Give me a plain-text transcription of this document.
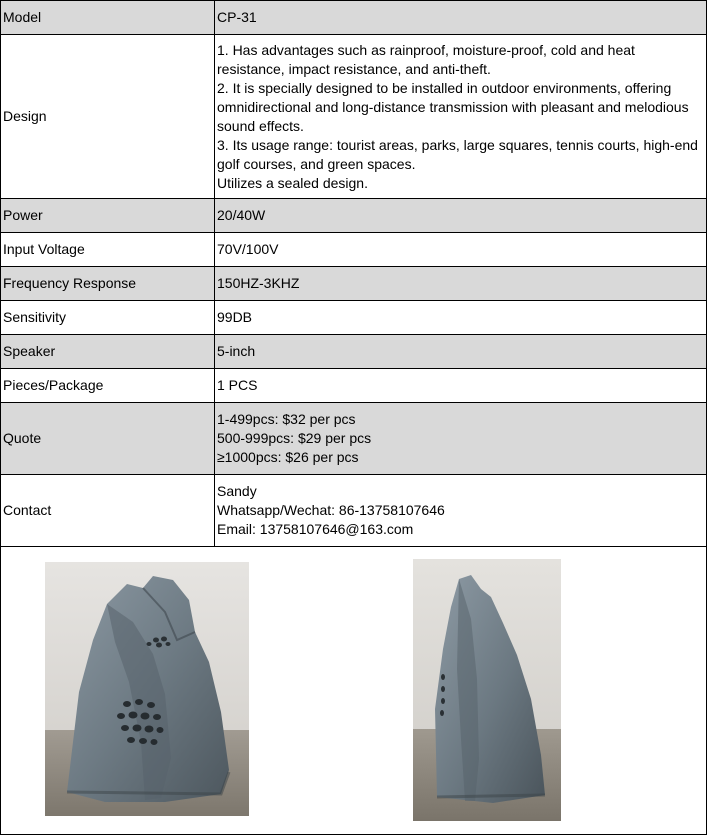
Model	CP-31
Design	1. Has advantages such as rainproof, moisture-proof, cold and heat resistance, impact resistance, and anti-theft.
2. It is specially designed to be installed in outdoor environments, offering omnidirectional and long-distance transmission with pleasant and melodious sound effects.
3. Its usage range: tourist areas, parks, large squares, tennis courts, high-end golf courses, and green spaces.
Utilizes a sealed design.
Power	20/40W
Input Voltage	70V/100V
Frequency Response	150HZ-3KHZ
Sensitivity	99DB
Speaker	5-inch
Pieces/Package	1 PCS
Quote	1-499pcs: $32 per pcs
500-999pcs: $29 per pcs
≥1000pcs: $26 per pcs
Contact	Sandy
Whatsapp/Wechat: 86-13758107646
Email: 13758107646@163.com
